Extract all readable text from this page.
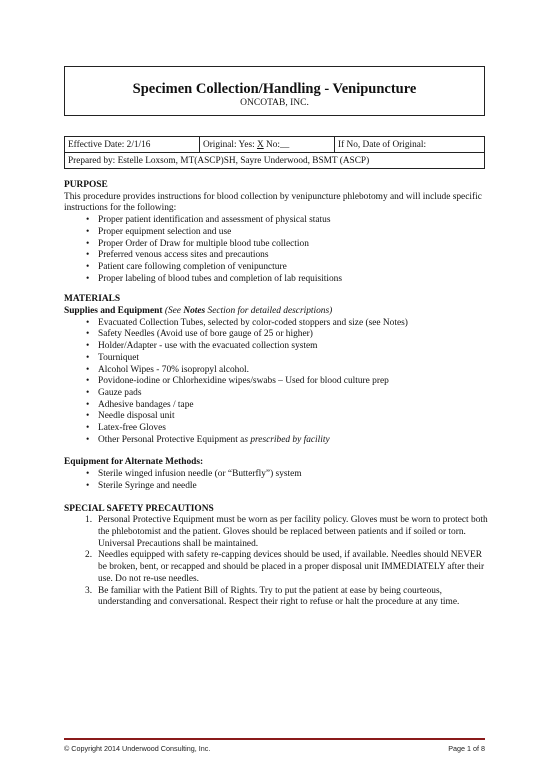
Specimen Collection/Handling - Venipuncture
ONCOTAB, INC.
Effective Date: 2/1/16	Original: Yes: X No:__	If No, Date of Original:
Prepared by: Estelle Loxsom, MT(ASCP)SH, Sayre Underwood, BSMT (ASCP)
PURPOSE

This procedure provides instructions for blood collection by venipuncture phlebotomy and will include specific instructions for the following:

• Proper patient identification and assessment of physical status
• Proper equipment selection and use
• Proper Order of Draw for multiple blood tube collection
• Preferred venous access sites and precautions
• Patient care following completion of venipuncture
• Proper labeling of blood tubes and completion of lab requisitions
MATERIALS
Supplies and Equipment (See Notes Section for detailed descriptions)
• Evacuated Collection Tubes, selected by color-coded stoppers and size (see Notes)
• Safety Needles (Avoid use of bore gauge of 25 or higher)
• Holder/Adapter - use with the evacuated collection system
• Tourniquet
• Alcohol Wipes - 70% isopropyl alcohol.
• Povidone-iodine or Chlorhexidine wipes/swabs – Used for blood culture prep
• Gauze pads
• Adhesive bandages / tape
• Needle disposal unit
• Latex-free Gloves
• Other Personal Protective Equipment as prescribed by facility
Equipment for Alternate Methods:
• Sterile winged infusion needle (or “Butterfly”) system
• Sterile Syringe and needle
SPECIAL SAFETY PRECAUTIONS
1. Personal Protective Equipment must be worn as per facility policy. Gloves must be worn to protect both the phlebotomist and the patient. Gloves should be replaced between patients and if soiled or torn. Universal Precautions shall be maintained.
2. Needles equipped with safety re-capping devices should be used, if available. Needles should NEVER be broken, bent, or recapped and should be placed in a proper disposal unit IMMEDIATELY after their use. Do not re-use needles.
3. Be familiar with the Patient Bill of Rights. Try to put the patient at ease by being courteous, understanding and conversational. Respect their right to refuse or halt the procedure at any time.
© Copyright 2014 Underwood Consulting, Inc.	Page 1 of 8
